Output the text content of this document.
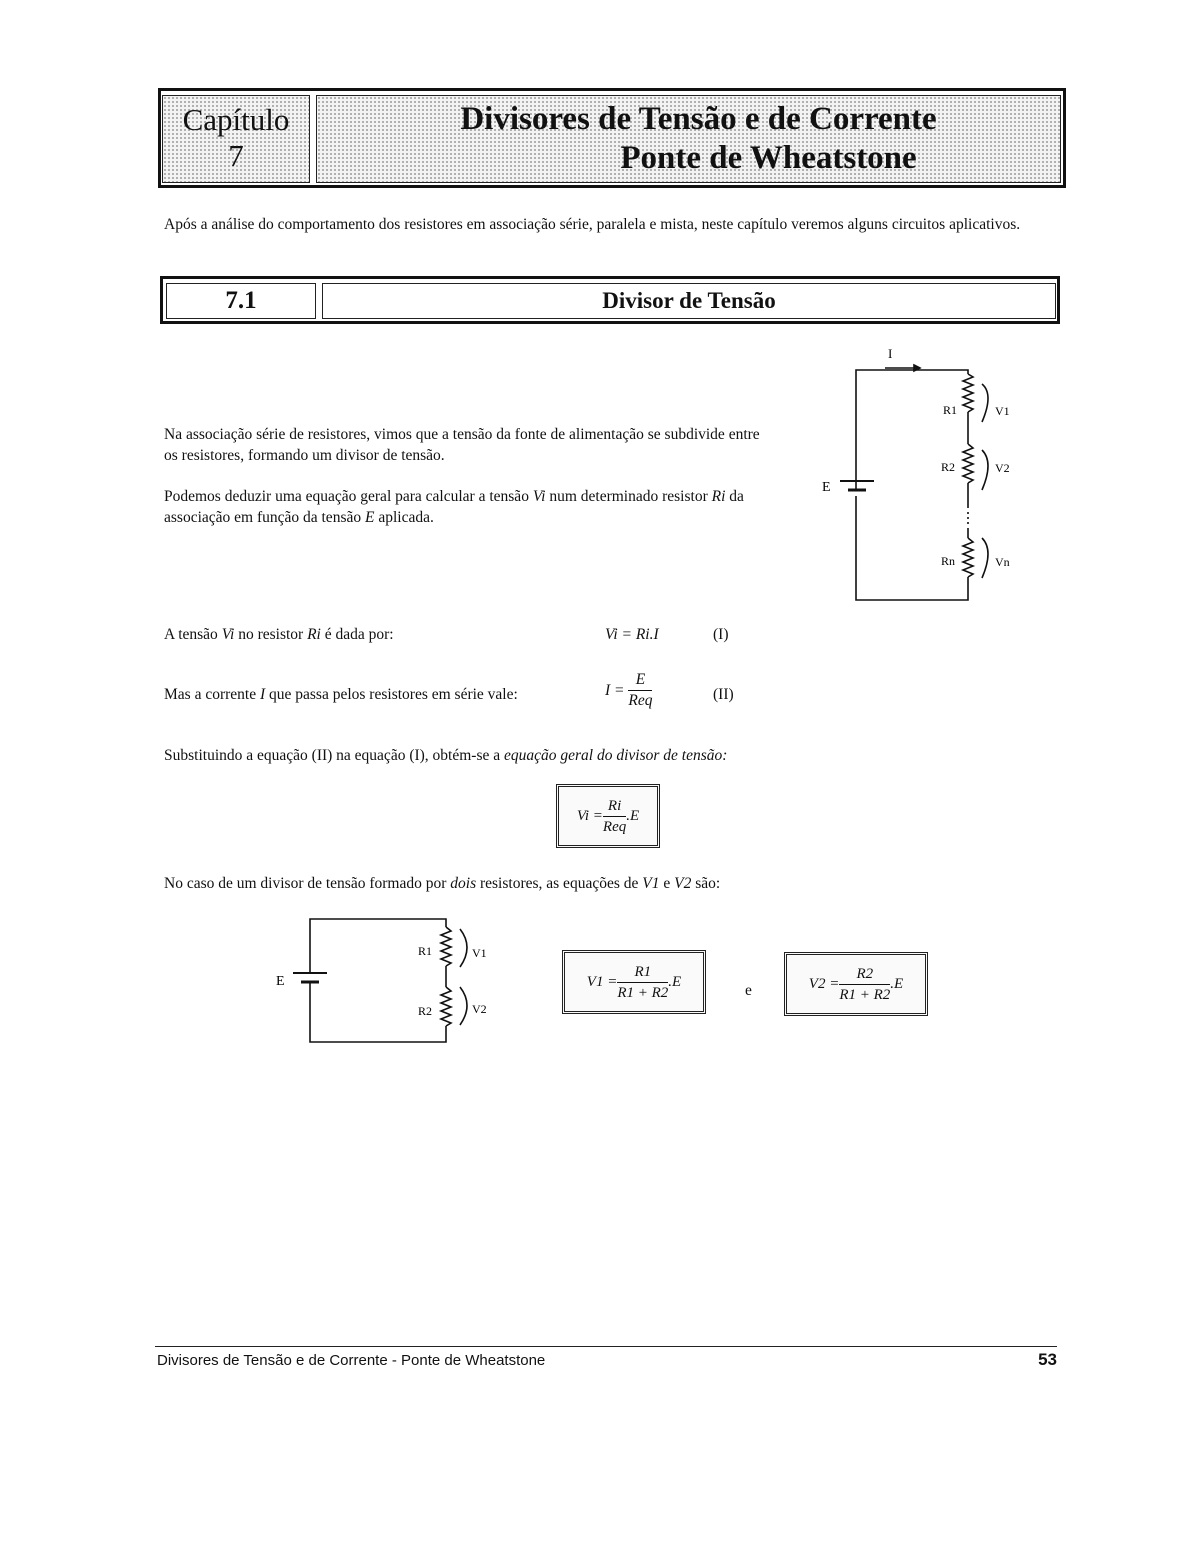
Capítulo
7
Divisores de Tensão e de Corrente
Ponte de Wheatstone
Após a análise do comportamento dos resistores em associação série, paralela e mista, neste capítulo veremos alguns circuitos aplicativos.
7.1	Divisor de Tensão
Na associação série de resistores, vimos que a tensão da fonte de alimentação se subdivide entre os resistores, formando um divisor de tensão.
Podemos deduzir uma equação geral para calcular a tensão Vi num determinado resistor Ri da associação em função da tensão E aplicada.
I
E
R1	V1
R2	V2
Rn	Vn
A tensão Vi no resistor Ri é dada por:	Vi = Ri.I	(I)
Mas a corrente I que passa pelos resistores em série vale:	$I = \frac{E}{\text{Req}}$	(II)
Substituindo a equação (II) na equação (I), obtém-se a equação geral do divisor de tensão:
$Vi = \frac{Ri}{\text{Req}} .E$
No caso de um divisor de tensão formado por dois resistores, as equações de V1 e V2 são:
E
R1	V1
R2	V2
$V1 = \frac{R1}{R1 + R2} .E$
e	$V2 = \frac{R2}{R1 + R2} .E$
Divisores de Tensão e de Corrente - Ponte de Wheatstone	53
